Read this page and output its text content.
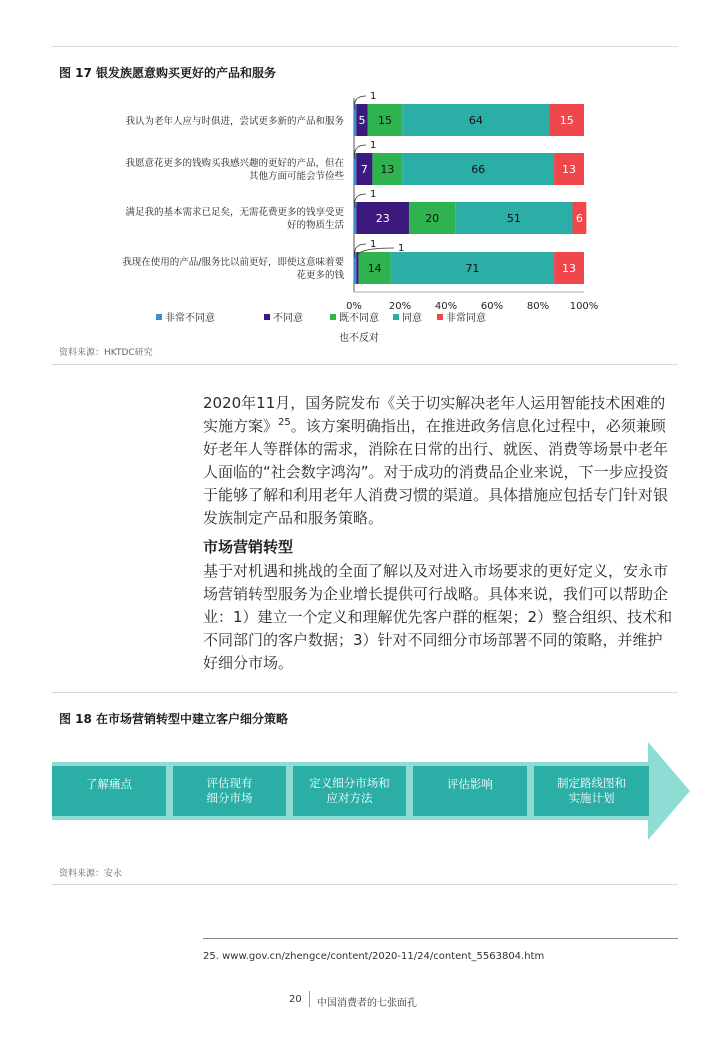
图 17 银发族愿意购买更好的产品和服务
0%	20% 40% 60% 80% 100%
我认为老年人应与时俱进，尝试更多新的产品和服务
我愿意花更多的钱购买我感兴趣的更好的产品，但在
其他方面可能会节俭些
满足我的基本需求已足矣，无需花费更多的钱享受更
好的物质生活
我现在使用的产品/服务比以前更好，即使这意味着要
花更多的钱
5 15	64	15
1
7 13	66	13
1
23	20	51	6
1
14	71	13
1 1
非常不同意	不同意	既不同意 同意 非常同意
也不反对
资料来源：HKTDC研究

2020年11月，国务院发布《关于切实解决老年人运用智能技术困难的实施方案》$^{25}$。该方案明确指出，在推进政务信息化过程中，必须兼顾好老年人等群体的需求，消除在日常的出行、就医、消费等场景中老年人面临的“社会数字鸿沟”。对于成功的消费品企业来说，下一步应投资于能够了解和利用老年人消费习惯的渠道。具体措施应包括专门针对银发族制定产品和服务策略。

市场营销转型

基于对机遇和挑战的全面了解以及对进入市场要求的更好定义，安永市场营销转型服务为企业增长提供可行战略。具体来说，我们可以帮助企业：1）建立一个定义和理解优先客户群的框架；2）整合组织、技术和不同部门的客户数据；3）针对不同细分市场部署不同的策略，并维护好细分市场。

图 18 在市场营销转型中建立客户细分策略
了解痛点	评估现有
细分市场
定义细分市场和
应对方法
评估影响	制定路线图和
实施计划
资料来源：安永
25. www.gov.cn/zhengce/content/2020-11/24/content_5563804.htm
20 中国消费者的七张面孔
